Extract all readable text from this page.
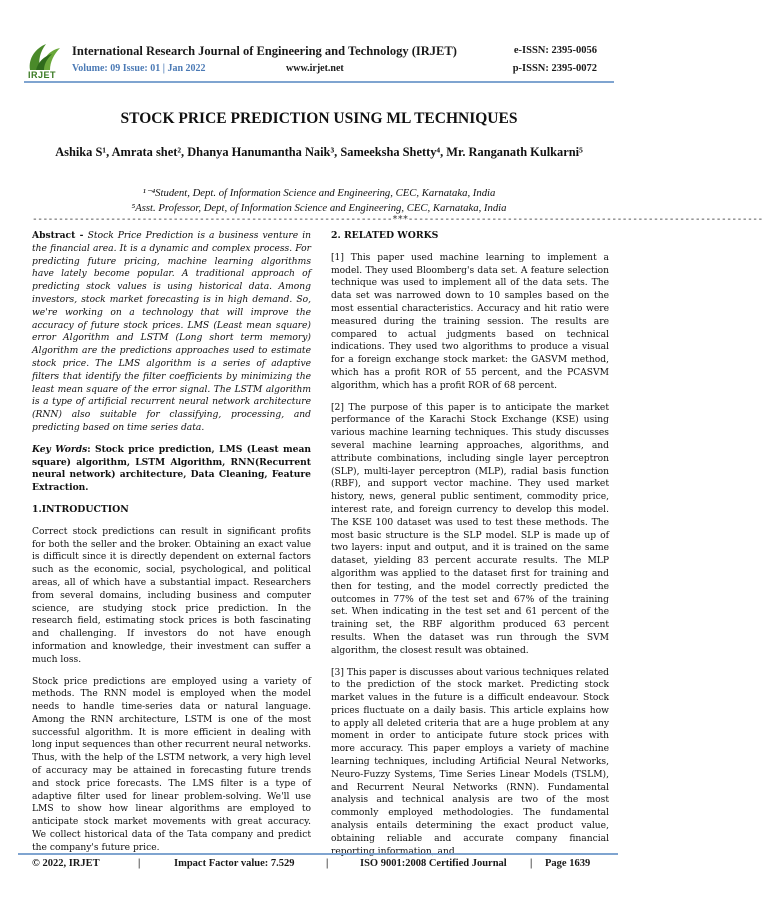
IRJET
International Research Journal of Engineering and Technology (IRJET)	e-ISSN: 2395-0056
Volume: 09 Issue: 01 | Jan 2022	www.irjet.net	p-ISSN: 2395-0072
STOCK PRICE PREDICTION USING ML TECHNIQUES
Ashika S¹, Amrata shet², Dhanya Hanumantha Naik³, Sameeksha Shetty⁴, Mr. Ranganath Kulkarni⁵
¹⁻⁴Student, Dept. of Information Science and Engineering, CEC, Karnataka, India
⁵Asst. Professor, Dept, of Information Science and Engineering, CEC, Karnataka, India
---------------------------------------------------------------------***--------------------------------------------------------------------

Abstract - Stock Price Prediction is a business venture in the financial area. It is a dynamic and complex process. For predicting future pricing, machine learning algorithms have lately become popular. A traditional approach of predicting stock values is using historical data. Among investors, stock market forecasting is in high demand. So, we're working on a technology that will improve the accuracy of future stock prices. LMS (Least mean square) error Algorithm and LSTM (Long short term memory) Algorithm are the predictions approaches used to estimate stock price. The LMS algorithm is a series of adaptive filters that identify the filter coefficients by minimizing the least mean square of the error signal. The LSTM algorithm is a type of artificial recurrent neural network architecture (RNN) also suitable for classifying, processing, and predicting based on time series data.

Key Words: Stock price prediction, LMS (Least mean square) algorithm, LSTM Algorithm, RNN(Recurrent neural network) architecture, Data Cleaning, Feature Extraction.

1.INTRODUCTION

Correct stock predictions can result in significant profits for both the seller and the broker. Obtaining an exact value is difficult since it is directly dependent on external factors such as the economic, social, psychological, and political areas, all of which have a substantial impact. Researchers from several domains, including business and computer science, are studying stock price prediction. In the research field, estimating stock prices is both fascinating and challenging. If investors do not have enough information and knowledge, their investment can suffer a much loss.

Stock price predictions are employed using a variety of methods. The RNN model is employed when the model needs to handle time-series data or natural language. Among the RNN architecture, LSTM is one of the most successful algorithm. It is more efficient in dealing with long input sequences than other recurrent neural networks. Thus, with the help of the LSTM network, a very high level of accuracy may be attained in forecasting future trends and stock price forecasts. The LMS filter is a type of adaptive filter used for linear problem-solving. We'll use LMS to show how linear algorithms are employed to anticipate stock market movements with great accuracy. We collect historical data of the Tata company and predict the company's future price.

2. RELATED WORKS

[1] This paper used machine learning to implement a model. They used Bloomberg's data set. A feature selection technique was used to implement all of the data sets. The data set was narrowed down to 10 samples based on the most essential characteristics. Accuracy and hit ratio were measured during the training session. The results are compared to actual judgments based on technical indications. They used two algorithms to produce a visual for a foreign exchange stock market: the GASVM method, which has a profit ROR of 55 percent, and the PCASVM algorithm, which has a profit ROR of 68 percent.

[2] The purpose of this paper is to anticipate the market performance of the Karachi Stock Exchange (KSE) using various machine learning techniques. This study discusses several machine learning approaches, algorithms, and attribute combinations, including single layer perceptron (SLP), multi-layer perceptron (MLP), radial basis function (RBF), and support vector machine. They used market history, news, general public sentiment, commodity price, interest rate, and foreign currency to develop this model. The KSE 100 dataset was used to test these methods. The most basic structure is the SLP model. SLP is made up of two layers: input and output, and it is trained on the same dataset, yielding 83 percent accurate results. The MLP algorithm was applied to the dataset first for training and then for testing, and the model correctly predicted the outcomes in 77% of the test set and 67% of the training set. When indicating in the test set and 61 percent of the training set, the RBF algorithm produced 63 percent results. When the dataset was run through the SVM algorithm, the closest result was obtained.

[3] This paper is discusses about various techniques related to the prediction of the stock market. Predicting stock market values in the future is a difficult endeavour. Stock prices fluctuate on a daily basis. This article explains how to apply all deleted criteria that are a huge problem at any moment in order to anticipate future stock prices with more accuracy. This paper employs a variety of machine learning techniques, including Artificial Neural Networks, Neuro-Fuzzy Systems, Time Series Linear Models (TSLM), and Recurrent Neural Networks (RNN). Fundamental analysis and technical analysis are two of the most commonly employed methodologies. The fundamental analysis entails determining the exact product value, obtaining reliable and accurate company financial reporting information, and

© 2022, IRJET	|	Impact Factor value: 7.529	|	ISO 9001:2008 Certified Journal | Page 1639
